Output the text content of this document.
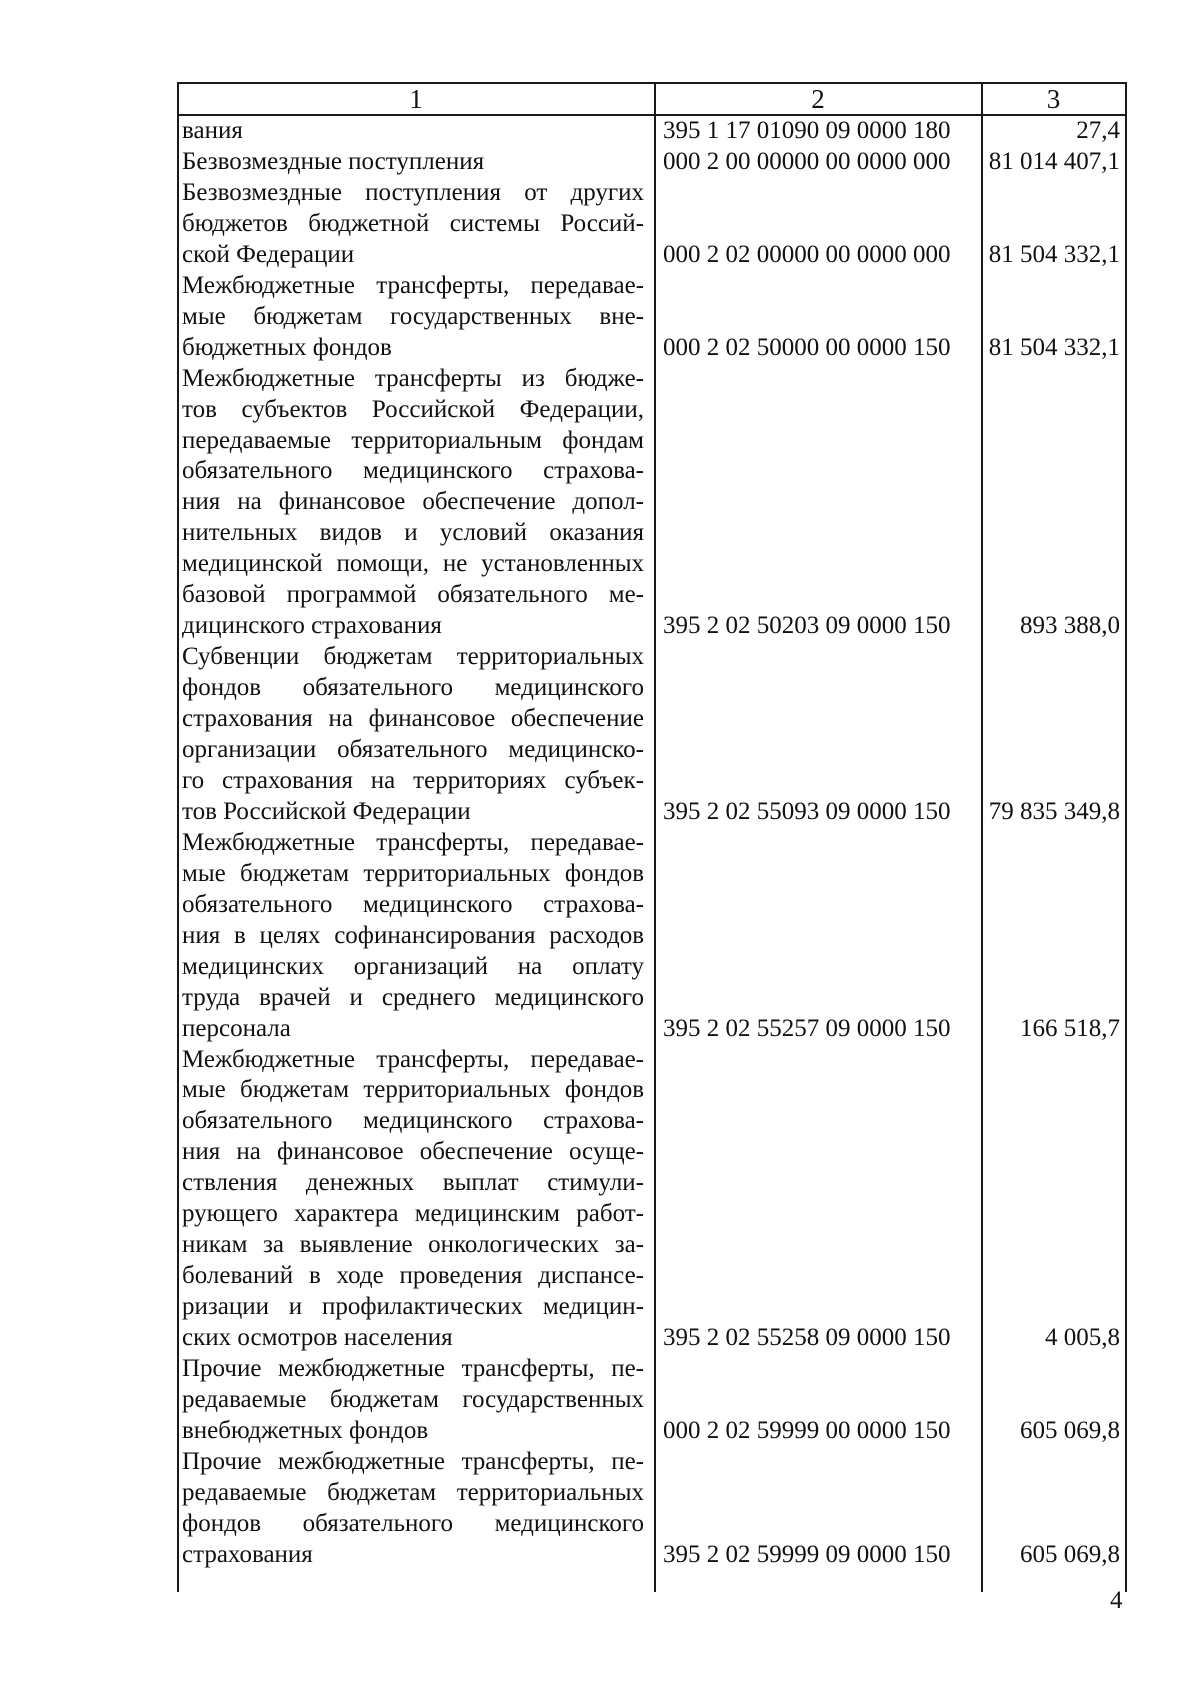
1	2	3
вания	395 1 17 01090 09 0000 180	27,4
Безвозмездные поступления	000 2 00 00000 00 0000 000	81 014 407,1
Безвозмездные поступления от других
бюджетов бюджетной системы Россий-
ской Федерации	000 2 02 00000 00 0000 000	81 504 332,1
Межбюджетные трансферты, передавае-
мые бюджетам государственных вне-
бюджетных фондов	000 2 02 50000 00 0000 150	81 504 332,1
Межбюджетные трансферты из бюдже-
тов субъектов Российской Федерации,
передаваемые территориальным фондам
обязательного медицинского страхова-
ния на финансовое обеспечение допол-
нительных видов и условий оказания
медицинской помощи, не установленных
базовой программой обязательного ме-
дицинского страхования	395 2 02 50203 09 0000 150	893 388,0
Субвенции бюджетам территориальных
фондов обязательного медицинского
страхования на финансовое обеспечение
организации обязательного медицинско-
го страхования на территориях субъек-
тов Российской Федерации	395 2 02 55093 09 0000 150	79 835 349,8
Межбюджетные трансферты, передавае-
мые бюджетам территориальных фондов
обязательного медицинского страхова-
ния в целях софинансирования расходов
медицинских организаций на оплату
труда врачей и среднего медицинского
персонала	395 2 02 55257 09 0000 150	166 518,7
Межбюджетные трансферты, передавае-
мые бюджетам территориальных фондов
обязательного медицинского страхова-
ния на финансовое обеспечение осуще-
ствления денежных выплат стимули-
рующего характера медицинским работ-
никам за выявление онкологических за-
болеваний в ходе проведения диспансе-
ризации и профилактических медицин-
ских осмотров населения	395 2 02 55258 09 0000 150	4 005,8
Прочие межбюджетные трансферты, пе-
редаваемые бюджетам государственных
внебюджетных фондов	000 2 02 59999 00 0000 150	605 069,8
Прочие межбюджетные трансферты, пе-
редаваемые бюджетам территориальных
фондов обязательного медицинского
страхования	395 2 02 59999 09 0000 150	605 069,8
4
